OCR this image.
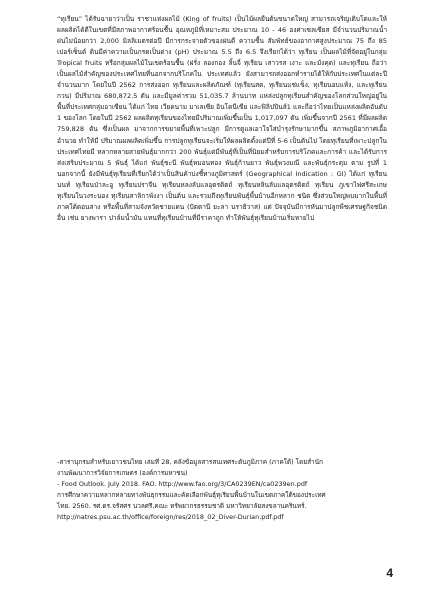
“ทุเรียน” ได้รับฉายาว่าเป็น ราชาแห่งผลไม้ (King of fruits) เป็นไม้ผลยืนต้นขนาดใหญ่ สามารถเจริญเติบโตและให้ผลผลิตได้ดีในเขตที่มีสภาพอากาศร้อนชื้น อุณหภูมิที่เหมาะสม ประมาณ 10 - 46 องศาเซลเซียส มีจำนวนปริมาณน้ำฝนไม่น้อยกว่า 2,000 มิลลิเมตรต่อปี มีการกระจายตัวของฝนดี ความชื้น สัมพัทธ์ของอากาศสูงประมาณ 75 ถึง 85 เปอร์เซ็นต์ ดินมีค่าความเป็นกรดเป็นด่าง (pH) ประมาณ 5.5 ถึง 6.5 จึงเรียกได้ว่า ทุเรียน เป็นผลไม้ที่จัดอยู่ในกลุ่ม Tropical fruits หรือกลุ่มผลไม้ในเขตร้อนชื้น (ฝรั่ง ลองกอง ลิ้นจี่ ทุเรียน เสาวรส เงาะ และมังคุด) และทุเรียน ถือว่าเป็นผลไม้สำคัญของประเทศไทยที่นอกจากบริโภคใน ประเทศแล้ว ยังสามารถส่งออกทำรายได้ให้กับประเทศในแต่ละปีจำนวนมาก โดยในปี 2562 การส่งออก ทุเรียนและผลิตภัณฑ์ (ทุเรียนสด, ทุเรียนแช่แข็ง, ทุเรียนอบแห้ง, และทุเรียนกวน) มีปริมาณ 680,872.5 ตัน และมีมูลค่ารวม 51,035.7 ล้านบาท แหล่งปลูกทุเรียนสำคัญของโลกส่วนใหญ่อยู่ในพื้นที่ประเทศกลุ่มอาเซียน ได้แก่ ไทย เวียดนาม มาเลเซีย อินโดนีเซีย และฟิลิปปินส์1 และถือว่าไทยเป็นแหล่งผลิตอันดับ 1 ของโลก โดยในปี 2562 ผลผลิตทุเรียนของไทยมีปริมาณเพิ่มขึ้นเป็น 1,017,097 ตัน เพิ่มขึ้นจากปี 2561 ที่มีผลผลิต 759,828 ตัน ซึ่งเป็นผล มาจากการขยายพื้นที่เพาะปลูก มีการดูแลเอาใจใส่บำรุงรักษามากขึ้น สภาพภูมิอากาศเอื้ออำนวย ทำให้มี ปริมาณผลผลิตเพิ่มขึ้น การปลูกทุเรียนจะเริ่มให้ผลผลิตตั้งแต่ปีที่ 5-6 เป็นต้นไป โดยทุเรียนที่เพาะปลูกในประเทศไทยมี หลากหลายสายพันธุ์มากกว่า 200 พันธุ์แต่มีพันธุ์ที่เป็นที่นิยมสำหรับการบริโภคและการค้า และได้รับการ ส่งเสริมประมาณ 5 พันธุ์ ได้แก่ พันธุ์ชะนี พันธุ์หมอนทอง พันธุ์ก้านยาว พันธุ์พวงมณี และพันธุ์กระดุม ตาม รูปที่ 1 นอกจากนี้ ยังมีพันธุ์ทุเรียนที่เรียกได้ว่าเป็นสินค้าบ่งชี้ทางภูมิศาสตร์ (Geographical Indication : GI) ได้แก่ ทุเรียนนนท์ ทุเรียนป่าละอู ทุเรียนปราจีน ทุเรียนหลงลับแลอุตรดิตถ์ ทุเรียนหลินลับแลอุตรดิตถ์ ทุเรียน ภูเขาไฟศรีสะเกษ ทุเรียนในวงระนอง ทุเรียนสาลิกาพังงา เป็นต้น และรวมถึงทุเรียนพันธุ์พื้นบ้านอีกหลาก ชนิด ซึ่งส่วนใหญ่พบมากในพื้นที่ภาคใต้ตอนล่าง หรือพื้นที่สามจังหวัดชายแดน (ปัตตานี ยะลา นราธิวาส) แต่ ปัจจุบันมีการหันมาปลูกพืชเศรษฐกิจชนิดอื่น เช่น ยางพารา ปาล์มน้ำมัน แทนที่ทุเรียนบ้านที่มีราคาถูก ทำให้พันธุ์ทุเรียนบ้านเริ่มหายไป

-สารานุกรมสำหรับเยาวชนไทย เล่มที่ 28, คลังข้อมูลสารสนเทศระดับภูมิภาค (ภาคใต้) โดยสำนัก

งานพัฒนาการวิจัยการเกษตร (องค์การมหาชน)

- Food Outlook. July 2018. FAO. http://www.fao.org/3/CA0239EN/ca0239en.pdf

การศึกษาความหลากหลายทางพันธุกรรมและคัดเลือกพันธุ์ทุเรียนพื้นบ้านในเขตภาคใต้ของประเทศ

ไทย. 2560. รศ.ดร.จรัสศร นวลศรี,คณะ ทรัพยากรธรรมชาติ มหาวิทยาลัยสงขลานครินทร์.

http://natres.psu.ac.th/office/foreign/res/2018_02_Diver-Durian.pdf.pdf

4
